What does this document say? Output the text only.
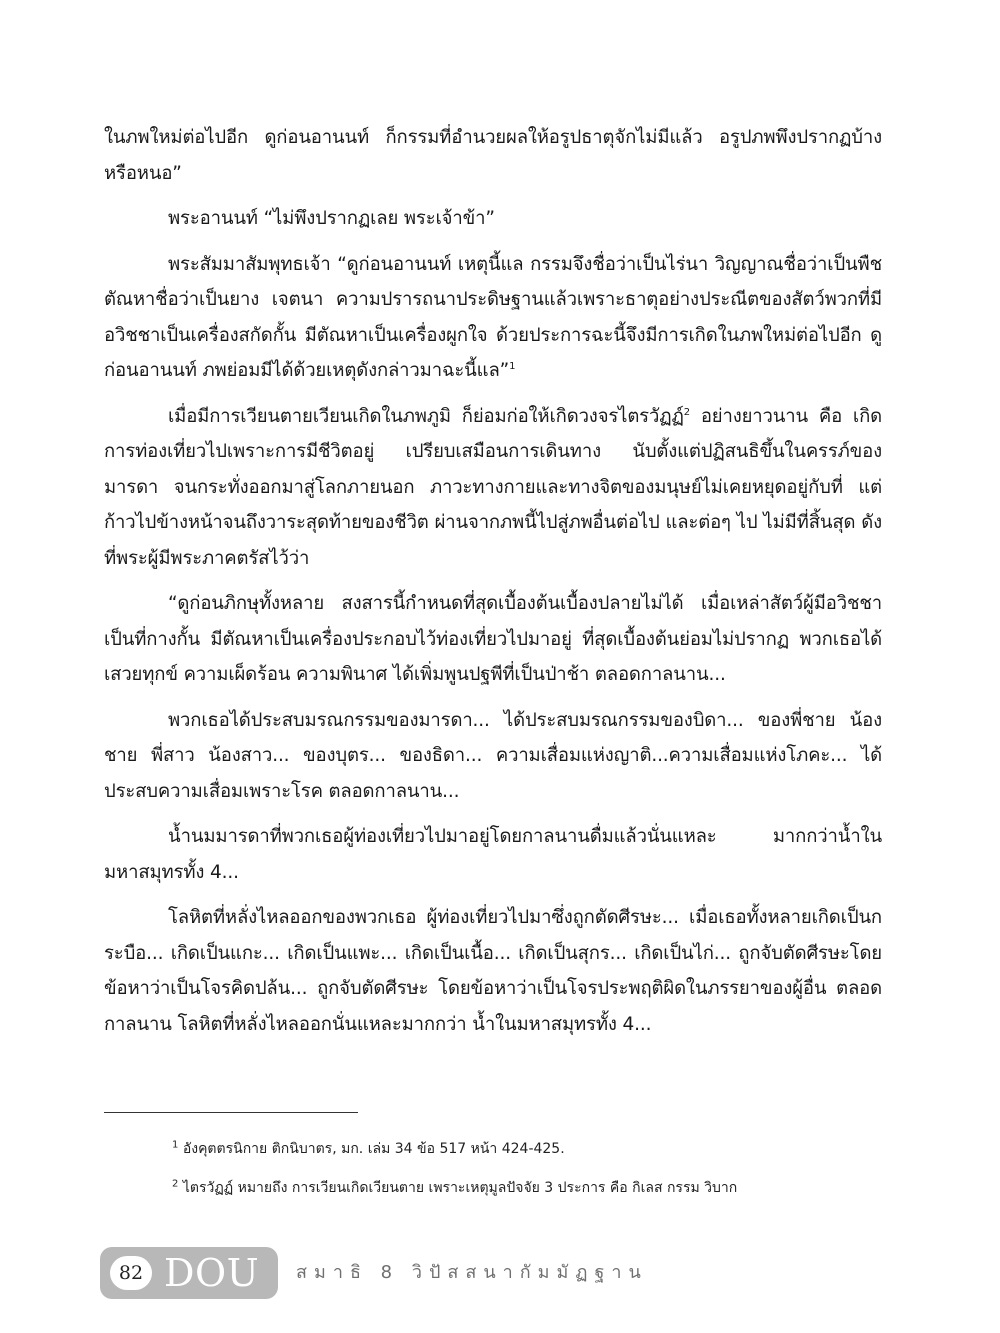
ในภพใหม่ต่อไปอีก ดูก่อนอานนท์ ก็กรรมที่อำนวยผลให้อรูปธาตุจักไม่มีแล้ว อรูปภพพึงปรากฏบ้างหรือหนอ”

พระอานนท์ “ไม่พึงปรากฏเลย พระเจ้าข้า”

พระสัมมาสัมพุทธเจ้า “ดูก่อนอานนท์ เหตุนี้แล กรรมจึงชื่อว่าเป็นไร่นา วิญญาณชื่อว่าเป็นพืช ตัณหาชื่อว่าเป็นยาง เจตนา ความปรารถนาประดิษฐานแล้วเพราะธาตุอย่างประณีตของสัตว์พวกที่มีอวิชชาเป็นเครื่องสกัดกั้น มีตัณหาเป็นเครื่องผูกใจ ด้วยประการฉะนี้จึงมีการเกิดในภพใหม่ต่อไปอีก ดูก่อนอานนท์ ภพย่อมมีได้ด้วยเหตุดังกล่าวมาฉะนี้แล”$^1$

เมื่อมีการเวียนตายเวียนเกิดในภพภูมิ ก็ย่อมก่อให้เกิดวงจรไตรวัฏฏ์$^2$ อย่างยาวนาน คือ เกิดการท่องเที่ยวไปเพราะการมีชีวิตอยู่ เปรียบเสมือนการเดินทาง นับตั้งแต่ปฏิสนธิขึ้นในครรภ์ของมารดา จนกระทั่งออกมาสู่โลกภายนอก ภาวะทางกายและทางจิตของมนุษย์ไม่เคยหยุดอยู่กับที่ แต่ก้าวไปข้างหน้าจนถึงวาระสุดท้ายของชีวิต ผ่านจากภพนี้ไปสู่ภพอื่นต่อไป และต่อๆ ไป ไม่มีที่สิ้นสุด ดังที่พระผู้มีพระภาคตรัสไว้ว่า

“ดูก่อนภิกษุทั้งหลาย สงสารนี้กำหนดที่สุดเบื้องต้นเบื้องปลายไม่ได้ เมื่อเหล่าสัตว์ผู้มีอวิชชาเป็นที่กางกั้น มีตัณหาเป็นเครื่องประกอบไว้ท่องเที่ยวไปมาอยู่ ที่สุดเบื้องต้นย่อมไม่ปรากฏ พวกเธอได้เสวยทุกข์ ความเผ็ดร้อน ความพินาศ ได้เพิ่มพูนปฐพีที่เป็นป่าช้า ตลอดกาลนาน...

พวกเธอได้ประสบมรณกรรมของมารดา... ได้ประสบมรณกรรมของบิดา... ของพี่ชาย น้องชาย พี่สาว น้องสาว... ของบุตร... ของธิดา... ความเสื่อมแห่งญาติ...ความเสื่อมแห่งโภคะ... ได้ประสบความเสื่อมเพราะโรค ตลอดกาลนาน...

น้ำนมมารดาที่พวกเธอผู้ท่องเที่ยวไปมาอยู่โดยกาลนานดื่มแล้วนั่นแหละ มากกว่าน้ำในมหาสมุทรทั้ง 4...

โลหิตที่หลั่งไหลออกของพวกเธอ ผู้ท่องเที่ยวไปมาซึ่งถูกตัดศีรษะ... เมื่อเธอทั้งหลายเกิดเป็นกระบือ... เกิดเป็นแกะ... เกิดเป็นแพะ... เกิดเป็นเนื้อ... เกิดเป็นสุกร... เกิดเป็นไก่... ถูกจับตัดศีรษะโดยข้อหาว่าเป็นโจรคิดปล้น... ถูกจับตัดศีรษะ โดยข้อหาว่าเป็นโจรประพฤติผิดในภรรยาของผู้อื่น ตลอดกาลนาน โลหิตที่หลั่งไหลออกนั่นแหละมากกว่า น้ำในมหาสมุทรทั้ง 4...

$^1$ อังคุตตรนิกาย ติกนิบาตร, มก. เล่ม 34 ข้อ 517 หน้า 424-425.
$^2$ ไตรวัฏฏ์ หมายถึง การเวียนเกิดเวียนตาย เพราะเหตุมูลปัจจัย 3 ประการ คือ กิเลส กรรม วิบาก
82 DOU สมาธิ 8 วิปัสสนากัมมัฏฐาน
